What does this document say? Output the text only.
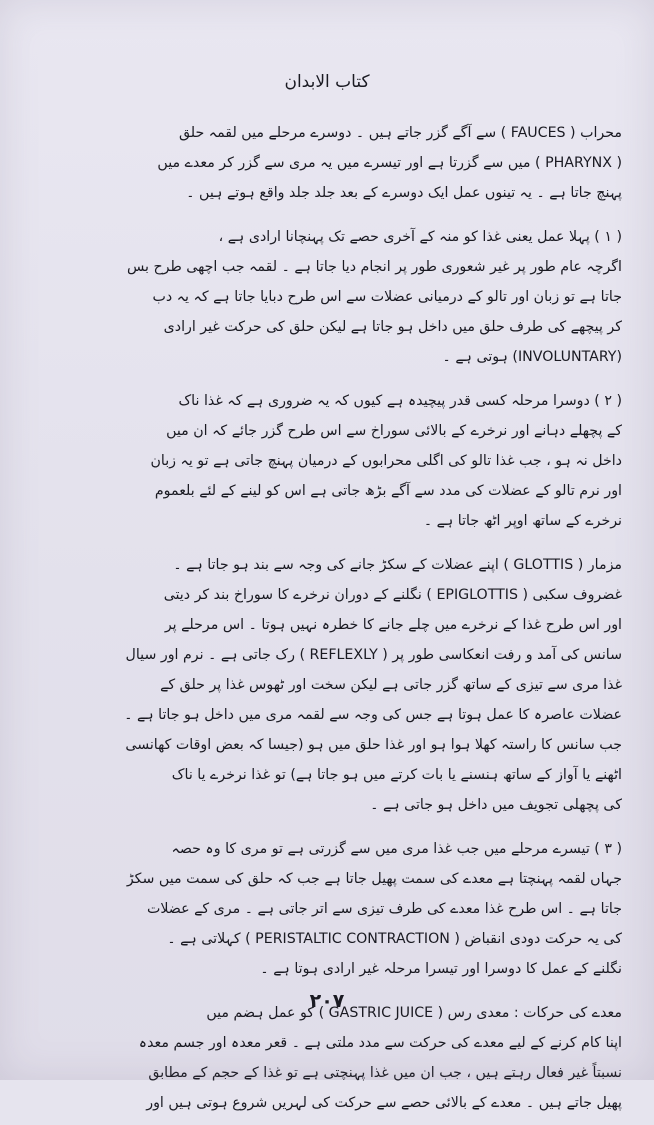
کتاب الابدان

محراب ( FAUCES ) سے آگے گزر جاتے ہیں ۔ دوسرے مرحلے میں لقمہ حلق
( PHARYNX ) میں سے گزرتا ہے اور تیسرے میں یہ مری سے گزر کر معدے میں
پہنچ جاتا ہے ۔ یہ تینوں عمل ایک دوسرے کے بعد جلد جلد واقع ہوتے ہیں ۔

( ۱ ) پہلا عمل یعنی غذا کو منہ کے آخری حصے تک پہنچانا ارادی ہے ،
اگرچہ عام طور پر غیر شعوری طور پر انجام دیا جاتا ہے ۔ لقمہ جب اچھی طرح بس
جاتا ہے تو زبان اور تالو کے درمیانی عضلات سے اس طرح دبایا جاتا ہے کہ یہ دب
کر پیچھے کی طرف حلق میں داخل ہو جاتا ہے لیکن حلق کی حرکت غیر ارادی
(INVOLUNTARY) ہوتی ہے ۔

( ۲ ) دوسرا مرحلہ کسی قدر پیچیدہ ہے کیوں کہ یہ ضروری ہے کہ غذا ناک
کے پچھلے دہانے اور نرخرے کے بالائی سوراخ سے اس طرح گزر جائے کہ ان میں
داخل نہ ہو ، جب غذا تالو کی اگلی محرابوں کے درمیان پہنچ جاتی ہے تو یہ زبان
اور نرم تالو کے عضلات کی مدد سے آگے بڑھ جاتی ہے اس کو لینے کے لئے بلعموم
نرخرے کے ساتھ اوپر اٹھ جاتا ہے ۔

مزمار ( GLOTTIS ) اپنے عضلات کے سکڑ جانے کی وجہ سے بند ہو جاتا ہے ۔
غضروف سکبی ( EPIGLOTTIS ) نگلنے کے دوران نرخرے کا سوراخ بند کر دیتی
اور اس طرح غذا کے نرخرے میں چلے جانے کا خطرہ نہیں ہوتا ۔ اس مرحلے پر
سانس کی آمد و رفت انعکاسی طور پر ( REFLEXLY ) رک جاتی ہے ۔ نرم اور سیال
غذا مری سے تیزی کے ساتھ گزر جاتی ہے لیکن سخت اور ٹھوس غذا پر حلق کے
عضلات عاصرہ کا عمل ہوتا ہے جس کی وجہ سے لقمہ مری میں داخل ہو جاتا ہے ۔
جب سانس کا راستہ کھلا ہوا ہو اور غذا حلق میں ہو (جیسا کہ بعض اوقات کھانسی
اٹھنے یا آواز کے ساتھ ہنسنے یا بات کرتے میں ہو جاتا ہے) تو غذا نرخرے یا ناک
کی پچھلی تجویف میں داخل ہو جاتی ہے ۔

( ۳ ) تیسرے مرحلے میں جب غذا مری میں سے گزرتی ہے تو مری کا وہ حصہ
جہاں لقمہ پہنچتا ہے معدے کی سمت پھیل جاتا ہے جب کہ حلق کی سمت میں سکڑ
جاتا ہے ۔ اس طرح غذا معدے کی طرف تیزی سے اتر جاتی ہے ۔ مری کے عضلات
کی یہ حرکت دودی انقباض ( PERISTALTIC CONTRACTION ) کہلاتی ہے ۔
نگلنے کے عمل کا دوسرا اور تیسرا مرحلہ غیر ارادی ہوتا ہے ۔

معدے کی حرکات : معدی رس ( GASTRIC JUICE ) کو عمل ہضم میں
اپنا کام کرنے کے لیے معدے کی حرکت سے مدد ملتی ہے ۔ قعر معدہ اور جسم معدہ
نسبتاً غیر فعال رہتے ہیں ، جب ان میں غذا پہنچتی ہے تو غذا کے حجم کے مطابق
پھیل جاتے ہیں ۔ معدے کے بالائی حصے سے حرکت کی لہریں شروع ہوتی ہیں اور

۲۰۷
